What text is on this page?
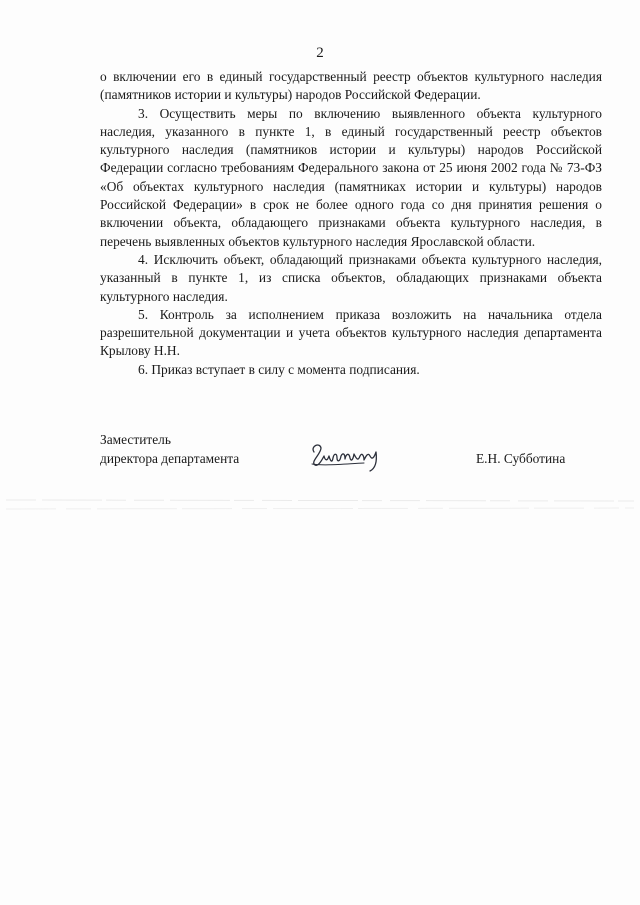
2

о включении его в единый государственный реестр объектов культурного наследия (памятников истории и культуры) народов Российской Федерации.

3. Осуществить меры по включению выявленного объекта культурного наследия, указанного в пункте 1, в единый государственный реестр объектов культурного наследия (памятников истории и культуры) народов Российской Федерации согласно требованиям Федерального закона от 25 июня 2002 года № 73-ФЗ «Об объектах культурного наследия (памятниках истории и культуры) народов Российской Федерации» в срок не более одного года со дня принятия решения о включении объекта, обладающего признаками объекта культурного наследия, в перечень выявленных объектов культурного наследия Ярославской области.

4. Исключить объект, обладающий признаками объекта культурного наследия, указанный в пункте 1, из списка объектов, обладающих признаками объекта культурного наследия.

5. Контроль за исполнением приказа возложить на начальника отдела разрешительной документации и учета объектов культурного наследия департамента Крылову Н.Н.

6. Приказ вступает в силу с момента подписания.

Заместитель
директора департамента	Е.Н. Субботина
